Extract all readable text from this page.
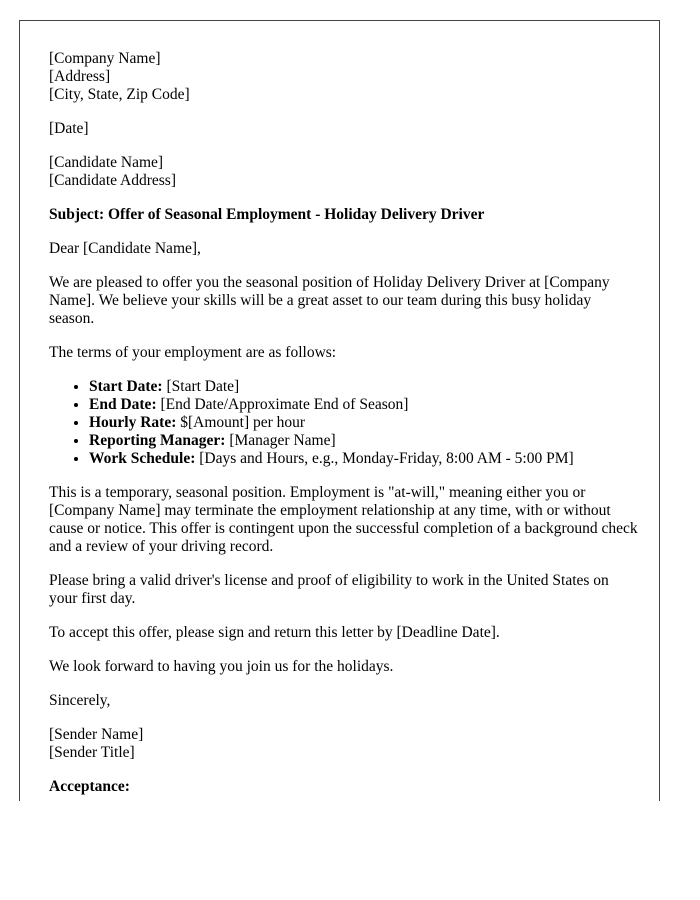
[Company Name]
[Address]
[City, State, Zip Code]

[Date]

[Candidate Name]
[Candidate Address]

Subject: Offer of Seasonal Employment - Holiday Delivery Driver

Dear [Candidate Name],

We are pleased to offer you the seasonal position of Holiday Delivery Driver at [Company Name]. We believe your skills will be a great asset to our team during this busy holiday season.

The terms of your employment are as follows:

• Start Date: [Start Date]
• End Date: [End Date/Approximate End of Season]
• Hourly Rate: $[Amount] per hour
• Reporting Manager: [Manager Name]
• Work Schedule: [Days and Hours, e.g., Monday-Friday, 8:00 AM - 5:00 PM]

This is a temporary, seasonal position. Employment is "at-will," meaning either you or [Company Name] may terminate the employment relationship at any time, with or without cause or notice. This offer is contingent upon the successful completion of a background check and a review of your driving record.

Please bring a valid driver's license and proof of eligibility to work in the United States on your first day.

To accept this offer, please sign and return this letter by [Deadline Date].

We look forward to having you join us for the holidays.

Sincerely,

[Sender Name]
[Sender Title]

Acceptance:
